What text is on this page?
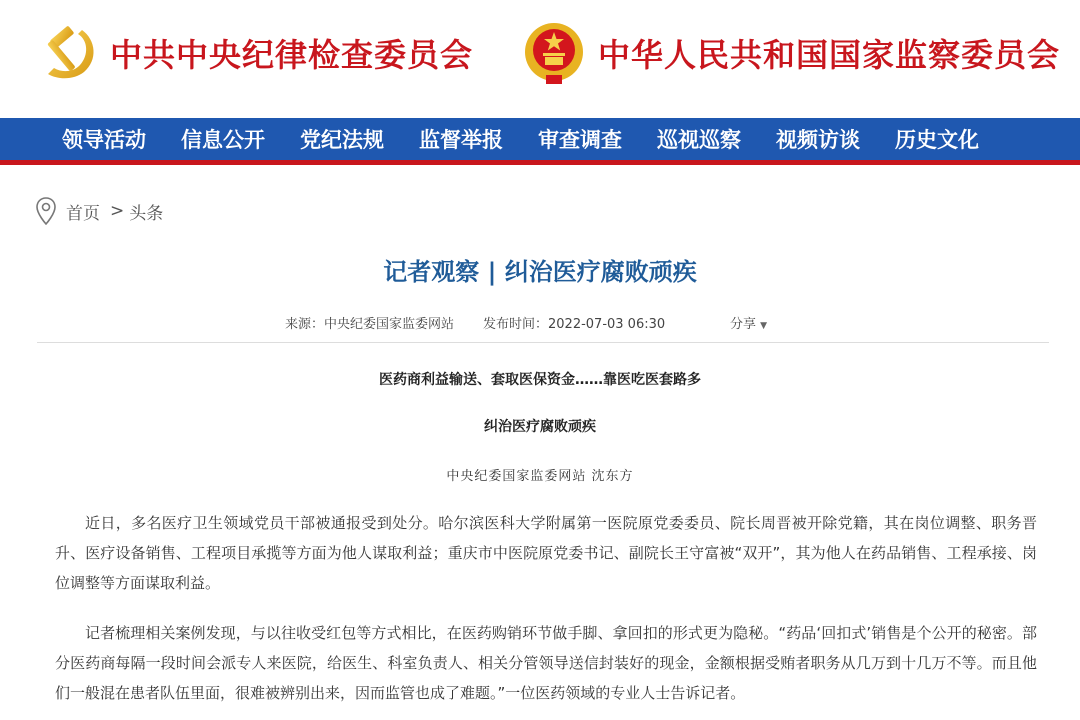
中共中央纪律检查委员会	中华人民共和国国家监察委员会
领导活动 信息公开 党纪法规 监督举报 审查调查 巡视巡察 视频访谈 历史文化
首页 > 头条
记者观察 | 纠治医疗腐败顽疾
来源：中央纪委国家监委网站 发布时间：2022-07-03 06:30	分享 ▼
医药商利益输送、套取医保资金……靠医吃医套路多
纠治医疗腐败顽疾
中央纪委国家监委网站 沈东方

近日，多名医疗卫生领域党员干部被通报受到处分。哈尔滨医科大学附属第一医院原党委委员、院长周晋被开除党籍，其在岗位调整、职务晋升、医疗设备销售、工程项目承揽等方面为他人谋取利益；重庆市中医院原党委书记、副院长王守富被“双开”，其为他人在药品销售、工程承接、岗位调整等方面谋取利益。

记者梳理相关案例发现，与以往收受红包等方式相比，在医药购销环节做手脚、拿回扣的形式更为隐秘。“药品‘回扣式’销售是个公开的秘密。部分医药商每隔一段时间会派专人来医院，给医生、科室负责人、相关分管领导送信封装好的现金，金额根据受贿者职务从几万到十几万不等。而且他们一般混在患者队伍里面，很难被辨别出来，因而监管也成了难题。”一位医药领域的专业人士告诉记者。
